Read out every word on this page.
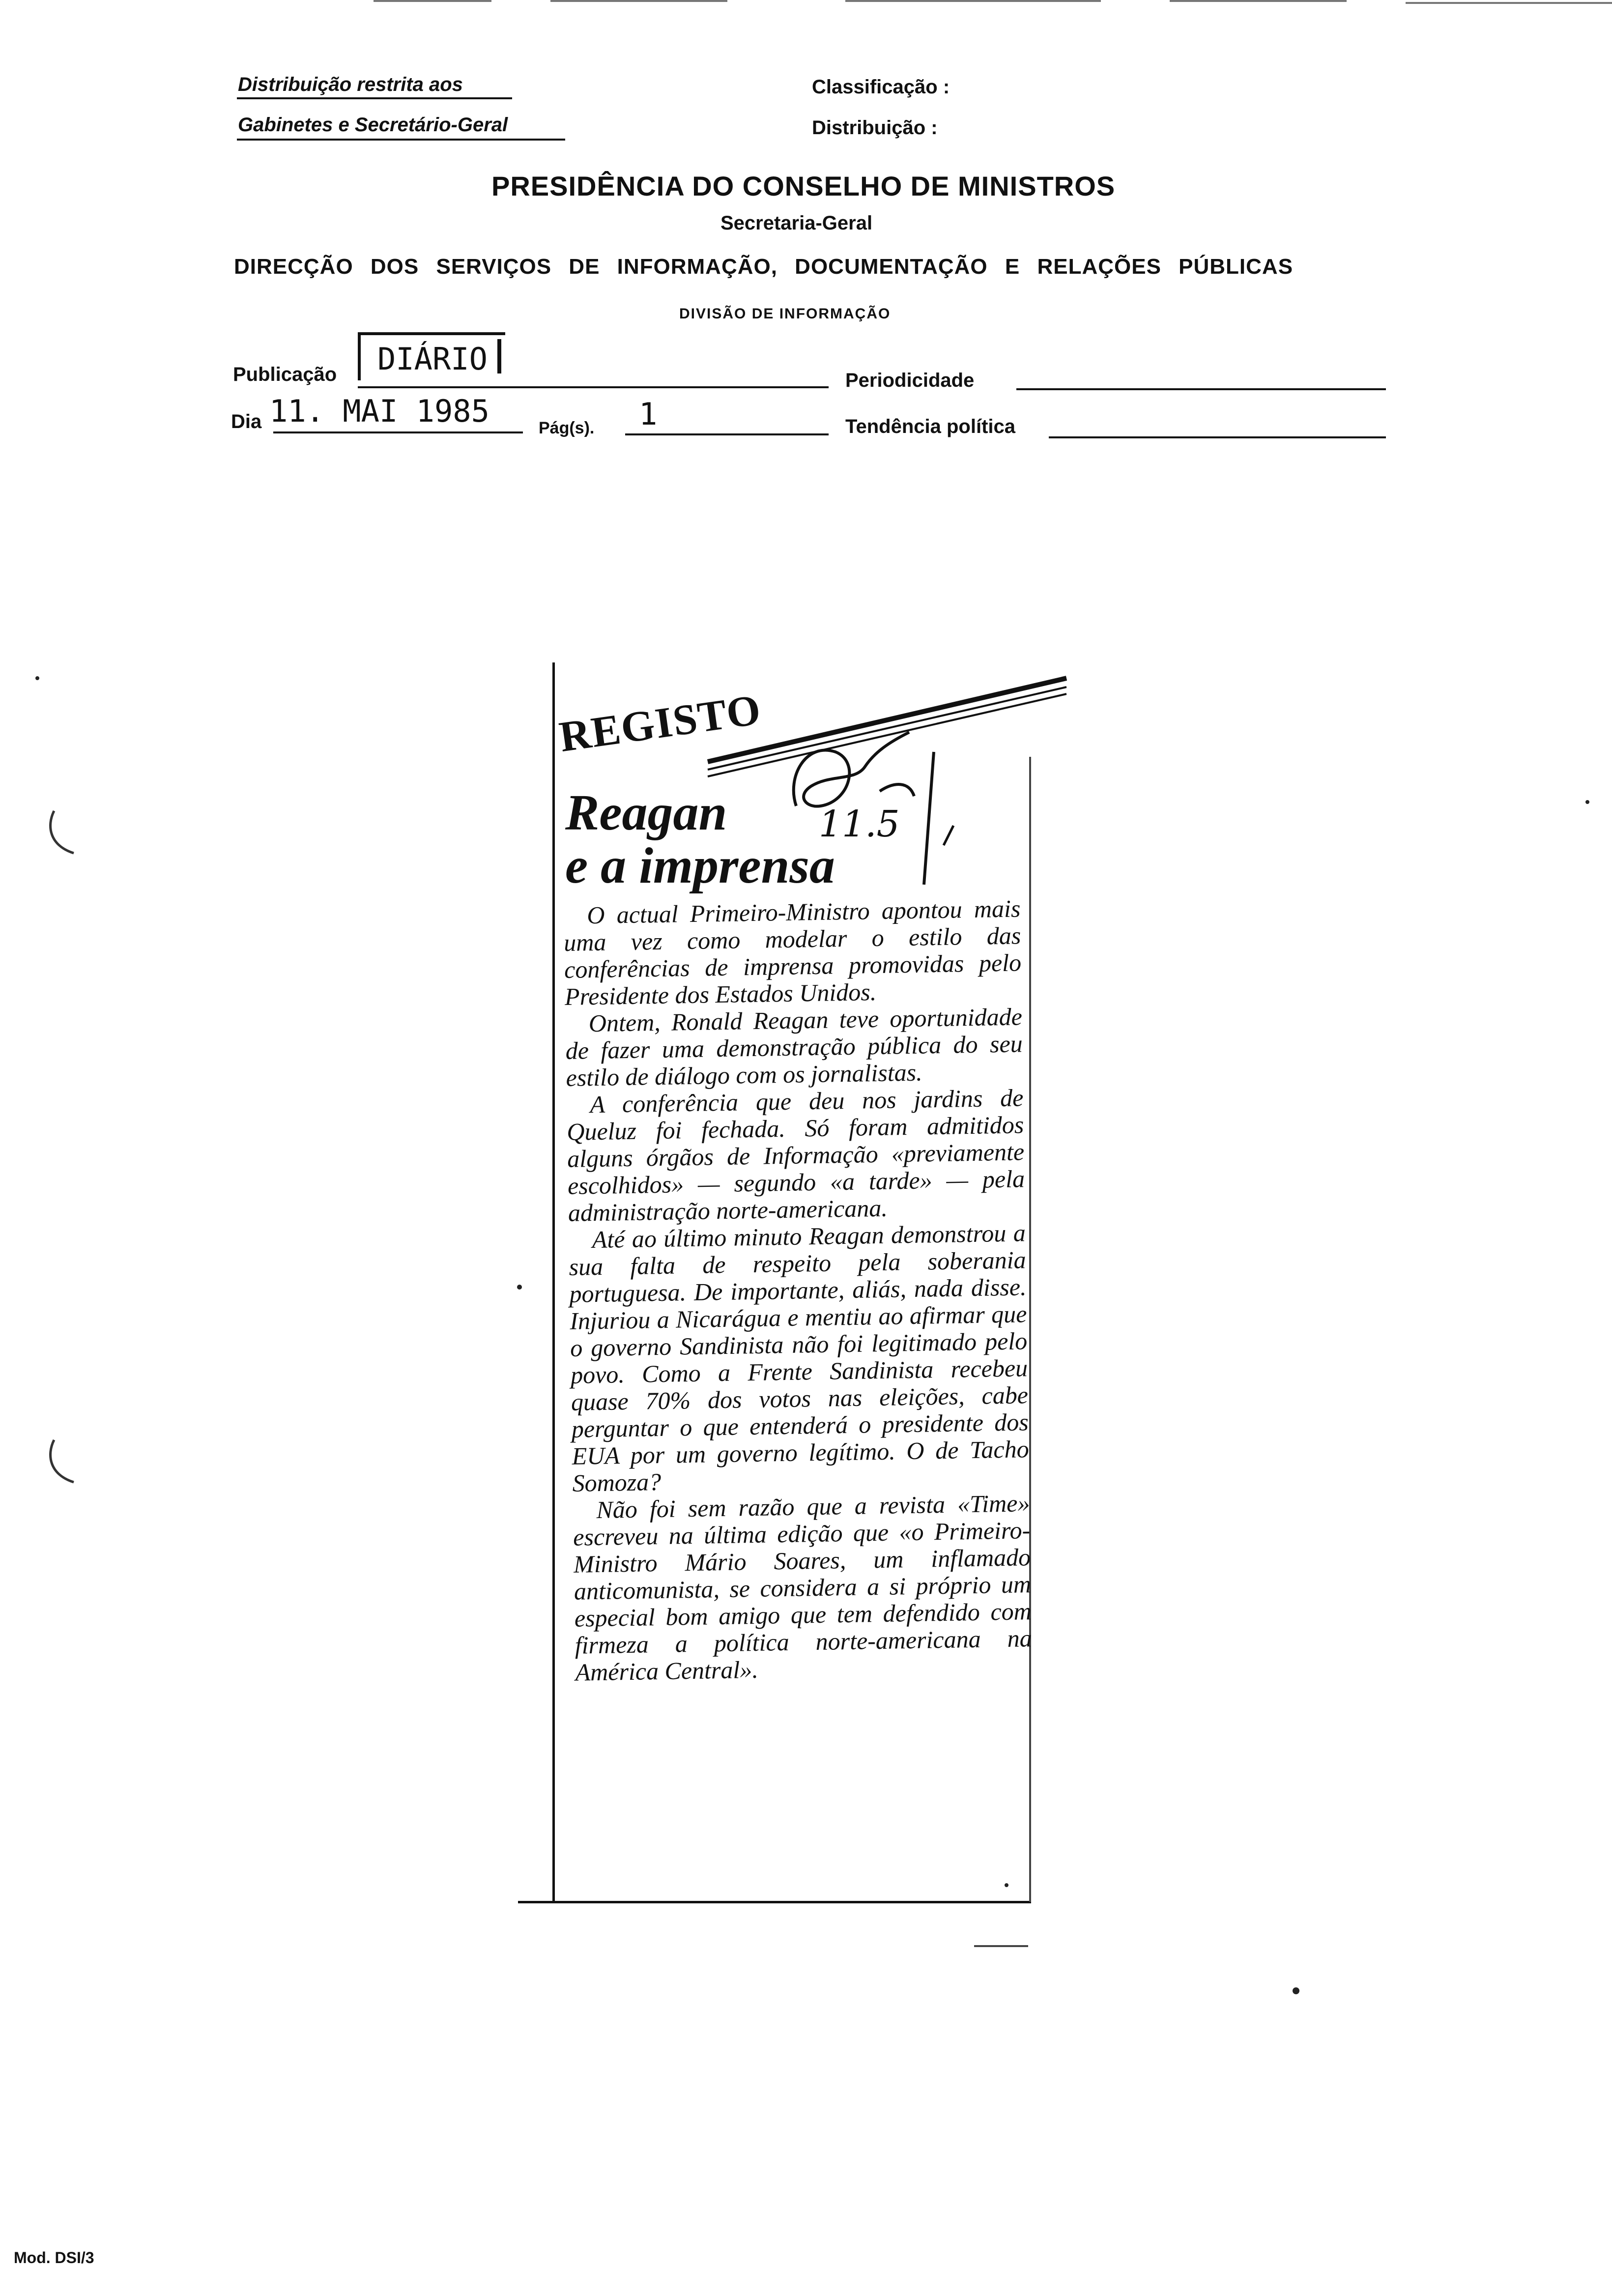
Distribuição restrita aos
Gabinetes e Secretário-Geral
Classificação :
Distribuição :
PRESIDÊNCIA DO CONSELHO DE MINISTROS
Secretaria-Geral
DIRECÇÃO DOS SERVIÇOS DE INFORMAÇÃO, DOCUMENTAÇÃO E RELAÇÕES PÚBLICAS
DIVISÃO DE INFORMAÇÃO
Publicação DIÁRIO
Periodicidade
Dia 11. MAI 1985	Pág(s). 1	Tendência política
REGISTO
Reagan
e a imprensa
11.5

O actual Primeiro-Ministro apontou mais uma vez como modelar o estilo das conferências de imprensa promovidas pelo Presidente dos Estados Unidos.

Ontem, Ronald Reagan teve oportunidade de fazer uma demonstração pública do seu estilo de diálogo com os jornalistas.

A conferência que deu nos jardins de Queluz foi fechada. Só foram admitidos alguns órgãos de Informação «previamente escolhidos» — segundo «a tarde» — pela administração norte-americana.

Até ao último minuto Reagan demonstrou a sua falta de respeito pela soberania portuguesa. De importante, aliás, nada disse. Injuriou a Nicarágua e mentiu ao afirmar que o governo Sandinista não foi legitimado pelo povo. Como a Frente Sandinista recebeu quase 70% dos votos nas eleições, cabe perguntar o que entenderá o presidente dos EUA por um governo legítimo. O de Tacho Somoza?

Não foi sem razão que a revista «Time» escreveu na última edição que «o Primeiro-Ministro Mário Soares, um inflamado anticomunista, se considera a si próprio um especial bom amigo que tem defendido com firmeza a política norte-americana na América Central».

Mod. DSI/3
